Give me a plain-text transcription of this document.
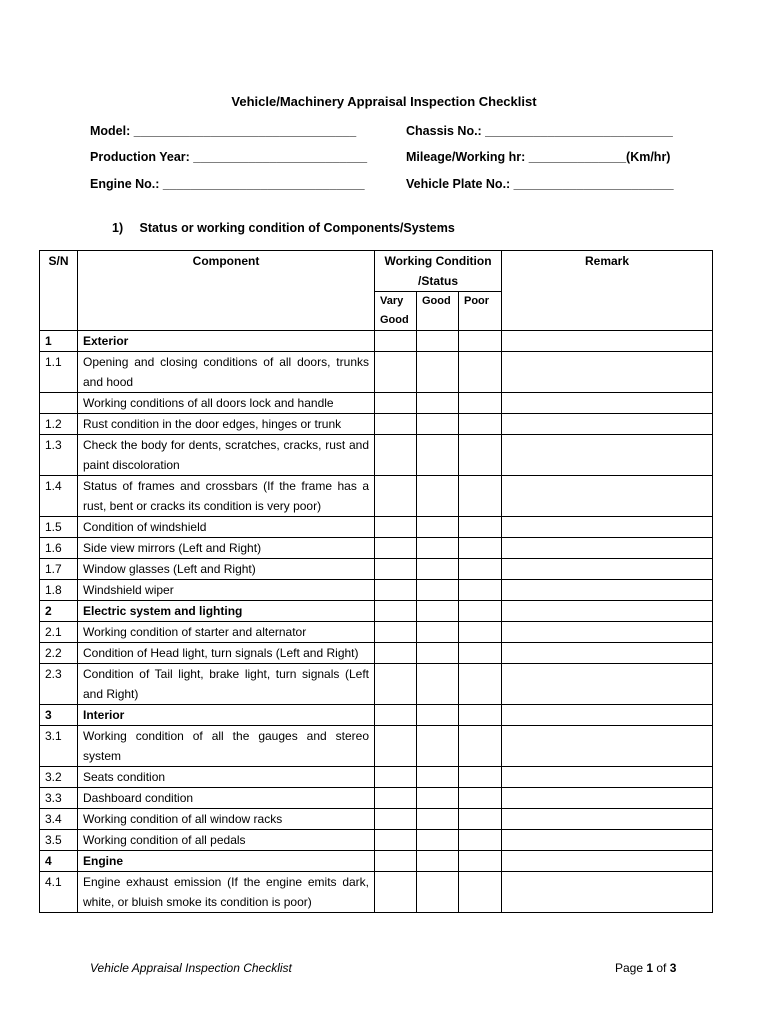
Vehicle/Machinery Appraisal Inspection Checklist
Model: ________________________________	Chassis No.: ___________________________
Production Year: _________________________	Mileage/Working hr: ______________(Km/hr)
Engine No.: _____________________________	Vehicle Plate No.: _______________________
1) Status or working condition of Components/Systems
S/N	Component	Working Condition /Status			Remark
		Vary Good	Good	Poor	
1	Exterior				
1.1	Opening and closing conditions of all doors, trunks and hood				
	Working conditions of all doors lock and handle				
1.2	Rust condition in the door edges, hinges or trunk				
1.3	Check the body for dents, scratches, cracks, rust and paint discoloration				
1.4	Status of frames and crossbars (If the frame has a rust, bent or cracks its condition is very poor)				
1.5	Condition of windshield				
1.6	Side view mirrors (Left and Right)				
1.7	Window glasses (Left and Right)				
1.8	Windshield wiper				
2	Electric system and lighting				
2.1	Working condition of starter and alternator				
2.2	Condition of Head light, turn signals (Left and Right)				
2.3	Condition of Tail light, brake light, turn signals (Left and Right)				
3	Interior				
3.1	Working condition of all the gauges and stereo system				
3.2	Seats condition				
3.3	Dashboard condition				
3.4	Working condition of all window racks				
3.5	Working condition of all pedals				
4	Engine				
4.1	Engine exhaust emission (If the engine emits dark, white, or bluish smoke its condition is poor)				
Vehicle Appraisal Inspection Checklist	Page 1 of 3
